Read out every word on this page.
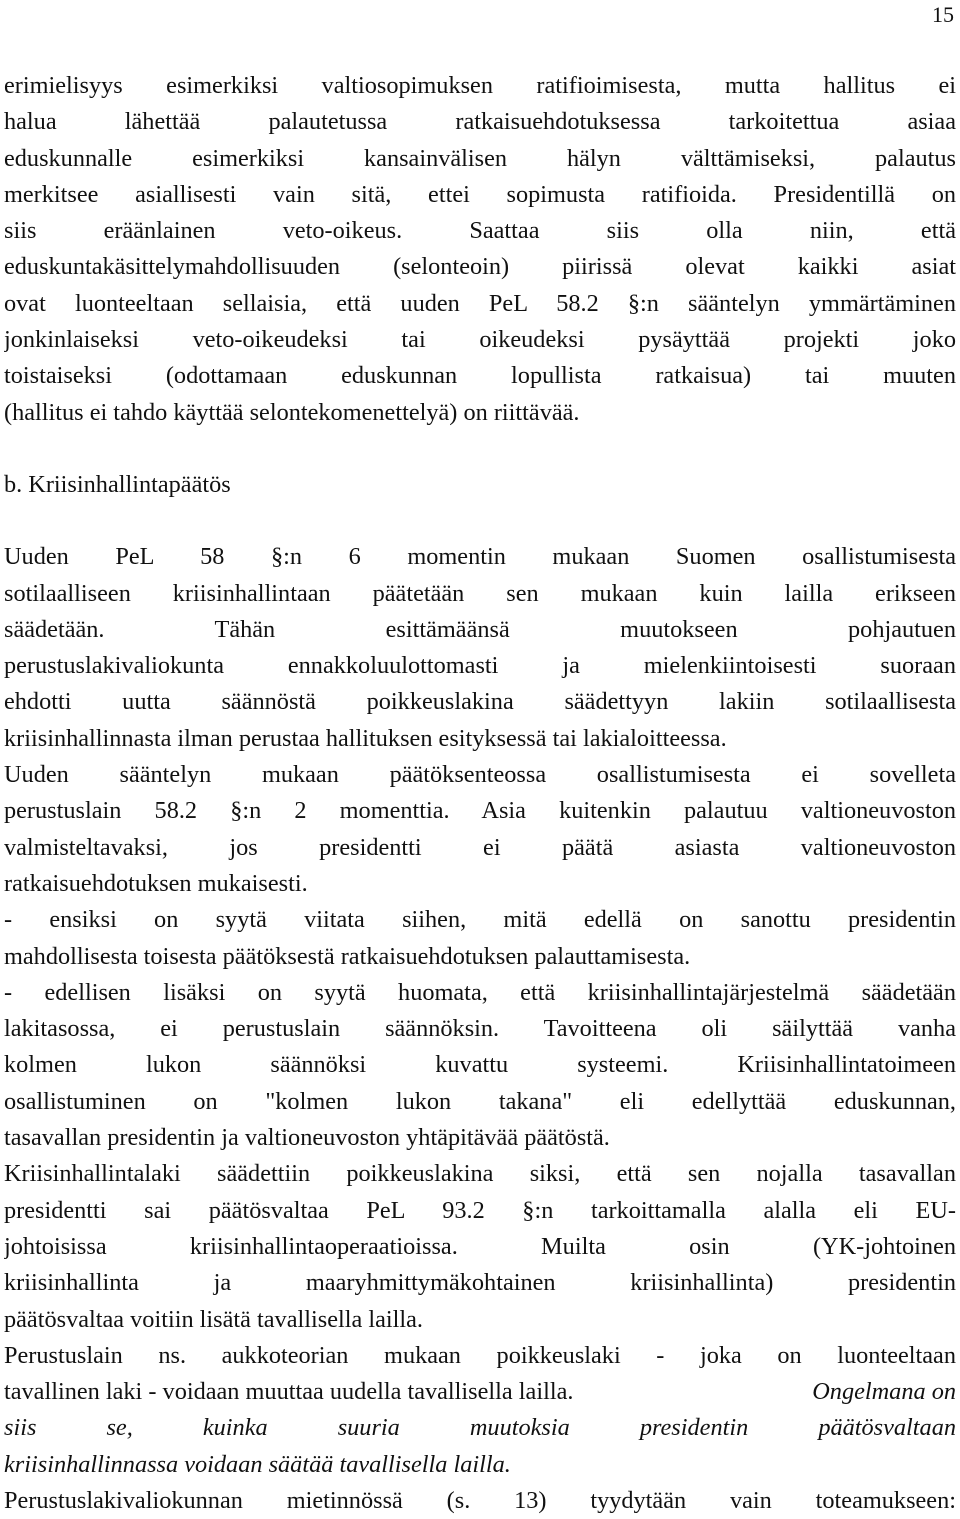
15
erimielisyys esimerkiksi valtiosopimuksen ratifioimisesta, mutta hallitus ei
halua lähettää palautetussa ratkaisuehdotuksessa tarkoitettua asiaa
eduskunnalle esimerkiksi kansainvälisen hälyn välttämiseksi, palautus
merkitsee asiallisesti vain sitä, ettei sopimusta ratifioida. Presidentillä on
siis eräänlainen veto-oikeus. Saattaa siis olla niin, että
eduskuntakäsittelymahdollisuuden (selonteoin) piirissä olevat kaikki asiat
ovat luonteeltaan sellaisia, että uuden PeL 58.2 §:n sääntelyn ymmärtäminen
jonkinlaiseksi veto-oikeudeksi tai oikeudeksi pysäyttää projekti joko
toistaiseksi (odottamaan eduskunnan lopullista ratkaisua) tai muuten
(hallitus ei tahdo käyttää selontekomenettelyä) on riittävää.
b. Kriisinhallintapäätös
Uuden PeL 58 §:n 6 momentin mukaan Suomen osallistumisesta
sotilaalliseen kriisinhallintaan päätetään sen mukaan kuin lailla erikseen
säädetään. Tähän esittämäänsä muutokseen pohjautuen
perustuslakivaliokunta ennakkoluulottomasti ja mielenkiintoisesti suoraan
ehdotti uutta säännöstä poikkeuslakina säädettyyn lakiin sotilaallisesta
kriisinhallinnasta ilman perustaa hallituksen esityksessä tai lakialoitteessa.
Uuden sääntelyn mukaan päätöksenteossa osallistumisesta ei sovelleta
perustuslain 58.2 §:n 2 momenttia. Asia kuitenkin palautuu valtioneuvoston
valmisteltavaksi, jos presidentti ei päätä asiasta valtioneuvoston
ratkaisuehdotuksen mukaisesti.
- ensiksi on syytä viitata siihen, mitä edellä on sanottu presidentin
mahdollisesta toisesta päätöksestä ratkaisuehdotuksen palauttamisesta.
- edellisen lisäksi on syytä huomata, että kriisinhallintajärjestelmä säädetään
lakitasossa, ei perustuslain säännöksin. Tavoitteena oli säilyttää vanha
kolmen lukon säännöksi kuvattu systeemi. Kriisinhallintatoimeen
osallistuminen on "kolmen lukon takana" eli edellyttää eduskunnan,
tasavallan presidentin ja valtioneuvoston yhtäpitävää päätöstä.
Kriisinhallintalaki säädettiin poikkeuslakina siksi, että sen nojalla tasavallan
presidentti sai päätösvaltaa PeL 93.2 §:n tarkoittamalla alalla eli EU-
johtoisissa kriisinhallintaoperaatioissa. Muilta osin (YK-johtoinen
kriisinhallinta ja maaryhmittymäkohtainen kriisinhallinta) presidentin
päätösvaltaa voitiin lisätä tavallisella lailla.
Perustuslain ns. aukkoteorian mukaan poikkeuslaki - joka on luonteeltaan
tavallinen laki - voidaan muuttaa uudella tavallisella lailla.	Ongelmana on
siis se, kuinka suuria muutoksia presidentin päätösvaltaan
kriisinhallinnassa voidaan säätää tavallisella lailla.
Perustuslakivaliokunnan mietinnössä (s. 13) tyydytään vain toteamukseen:
